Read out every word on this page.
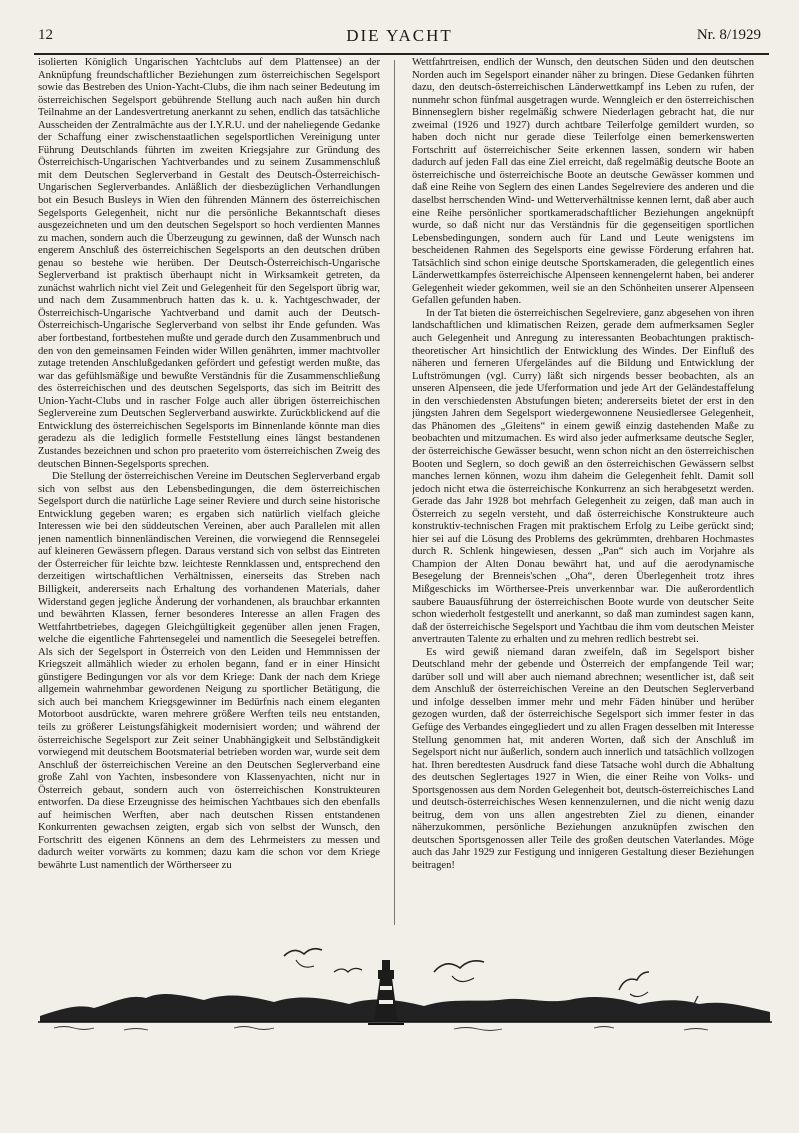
12	DIE YACHT	Nr. 8/1929

isolierten Königlich Ungarischen Yachtclubs auf dem Plattensee) an der Anknüpfung freundschaftlicher Beziehungen zum österreichischen Segelsport sowie das Bestreben des Union-Yacht-Clubs, die ihm nach seiner Bedeutung im österreichischen Segelsport gebührende Stellung auch nach außen hin durch Teilnahme an der Landesvertretung anerkannt zu sehen, endlich das tatsächliche Ausscheiden der Zentralmächte aus der I.Y.R.U. und der naheliegende Gedanke der Schaffung einer zwischenstaatlichen segelsportlichen Vereinigung unter Führung Deutschlands führten im zweiten Kriegsjahre zur Gründung des Österreichisch-Ungarischen Yachtverbandes und zu seinem Zusammenschluß mit dem Deutschen Seglerverband in Gestalt des Deutsch-Österreichisch-Ungarischen Seglerverbandes. Anläßlich der diesbezüglichen Verhandlungen bot ein Besuch Busleys in Wien den führenden Männern des österreichischen Segelsports Gelegenheit, nicht nur die persönliche Bekanntschaft dieses ausgezeichneten und um den deutschen Segelsport so hoch verdienten Mannes zu machen, sondern auch die Überzeugung zu gewinnen, daß der Wunsch nach engerem Anschluß des österreichischen Segelsports an den deutschen drüben genau so bestehe wie herüben. Der Deutsch-Österreichisch-Ungarische Seglerverband ist praktisch überhaupt nicht in Wirksamkeit getreten, da zunächst wahrlich nicht viel Zeit und Gelegenheit für den Segelsport übrig war, und nach dem Zusammenbruch hatten das k. u. k. Yachtgeschwader, der Österreichisch-Ungarische Yachtverband und damit auch der Deutsch-Österreichisch-Ungarische Seglerverband von selbst ihr Ende gefunden. Was aber fortbestand, fortbestehen mußte und gerade durch den Zusammenbruch und den von den gemeinsamen Feinden wider Willen genährten, immer machtvoller zutage tretenden Anschlußgedanken gefördert und gefestigt werden mußte, das war das gefühlsmäßige und bewußte Verständnis für die Zusammenschließung des österreichischen und des deutschen Segelsports, das sich im Beitritt des Union-Yacht-Clubs und in rascher Folge auch aller übrigen österreichischen Seglervereine zum Deutschen Seglerverband auswirkte. Zurückblickend auf die Entwicklung des österreichischen Segelsports im Binnenlande könnte man dies geradezu als die lediglich formelle Feststellung eines längst bestandenen Zustandes bezeichnen und schon pro praeterito vom österreichischen Zweig des deutschen Binnen-Segelsports sprechen.

Die Stellung der österreichischen Vereine im Deutschen Seglerverband ergab sich von selbst aus den Lebensbedingungen, die dem österreichischen Segelsport durch die natürliche Lage seiner Reviere und durch seine historische Entwicklung gegeben waren; es ergaben sich natürlich vielfach gleiche Interessen wie bei den süddeutschen Vereinen, aber auch Parallelen mit allen jenen namentlich binnenländischen Vereinen, die vorwiegend die Rennsegelei auf kleineren Gewässern pflegen. Daraus verstand sich von selbst das Eintreten der Österreicher für leichte bzw. leichteste Rennklassen und, entsprechend den derzeitigen wirtschaftlichen Verhältnissen, einerseits das Streben nach Billigkeit, andererseits nach Erhaltung des vorhandenen Materials, daher Widerstand gegen jegliche Änderung der vorhandenen, als brauchbar erkannten und bewährten Klassen, ferner besonderes Interesse an allen Fragen des Wettfahrtbetriebes, dagegen Gleichgültigkeit gegenüber allen jenen Fragen, welche die eigentliche Fahrtensegelei und namentlich die Seesegelei betreffen. Als sich der Segelsport in Österreich von den Leiden und Hemmnissen der Kriegszeit allmählich wieder zu erholen begann, fand er in einer Hinsicht günstigere Bedingungen vor als vor dem Kriege: Dank der nach dem Kriege allgemein wahrnehmbar gewordenen Neigung zu sportlicher Betätigung, die sich auch bei manchem Kriegsgewinner im Bedürfnis nach einem eleganten Motorboot ausdrückte, waren mehrere größere Werften teils neu entstanden, teils zu größerer Leistungsfähigkeit modernisiert worden; und während der österreichische Segelsport zur Zeit seiner Unabhängigkeit und Selbständigkeit vorwiegend mit deutschem Bootsmaterial betrieben worden war, wurde seit dem Anschluß der österreichischen Vereine an den Deutschen Seglerverband eine große Zahl von Yachten, insbesondere von Klassenyachten, nicht nur in Österreich gebaut, sondern auch von österreichischen Konstrukteuren entworfen. Da diese Erzeugnisse des heimischen Yachtbaues sich den ebenfalls auf heimischen Werften, aber nach deutschen Rissen entstandenen Konkurrenten gewachsen zeigten, ergab sich von selbst der Wunsch, den Fortschritt des eigenen Könnens an dem des Lehrmeisters zu messen und dadurch weiter vorwärts zu kommen; dazu kam die schon vor dem Kriege bewährte Lust namentlich der Wörtherseer zu

Wettfahrtreisen, endlich der Wunsch, den deutschen Süden und den deutschen Norden auch im Segelsport einander näher zu bringen. Diese Gedanken führten dazu, den deutsch-österreichischen Länderwettkampf ins Leben zu rufen, der nunmehr schon fünfmal ausgetragen wurde. Wenngleich er den österreichischen Binnenseglern bisher regelmäßig schwere Niederlagen gebracht hat, die nur zweimal (1926 und 1927) durch achtbare Teilerfolge gemildert wurden, so haben doch nicht nur gerade diese Teilerfolge einen bemerkenswerten Fortschritt auf österreichischer Seite erkennen lassen, sondern wir haben dadurch auf jeden Fall das eine Ziel erreicht, daß regelmäßig deutsche Boote an österreichische und österreichische Boote an deutsche Gewässer kommen und daß eine Reihe von Seglern des einen Landes Segelreviere des anderen und die daselbst herrschenden Wind- und Wetterverhältnisse kennen lernt, daß aber auch eine Reihe persönlicher sportkameradschaftlicher Beziehungen angeknüpft wurde, so daß nicht nur das Verständnis für die gegenseitigen sportlichen Lebensbedingungen, sondern auch für Land und Leute wenigstens im bescheidenen Rahmen des Segelsports eine gewisse Förderung erfahren hat. Tatsächlich sind schon einige deutsche Sportskameraden, die gelegentlich eines Länderwettkampfes österreichische Alpenseen kennengelernt haben, bei anderer Gelegenheit wieder gekommen, weil sie an den Schönheiten unserer Alpenseen Gefallen gefunden haben.

In der Tat bieten die österreichischen Segelreviere, ganz abgesehen von ihren landschaftlichen und klimatischen Reizen, gerade dem aufmerksamen Segler auch Gelegenheit und Anregung zu interessanten Beobachtungen praktisch-theoretischer Art hinsichtlich der Entwicklung des Windes. Der Einfluß des näheren und ferneren Ufergeländes auf die Bildung und Entwicklung der Luftströmungen (vgl. Curry) läßt sich nirgends besser beobachten, als an unseren Alpenseen, die jede Uferformation und jede Art der Geländestaffelung in den verschiedensten Abstufungen bieten; andererseits bietet der erst in den jüngsten Jahren dem Segelsport wiedergewonnene Neusiedlersee Gelegenheit, das Phänomen des „Gleitens“ in einem gewiß einzig dastehenden Maße zu beobachten und mitzumachen. Es wird also jeder aufmerksame deutsche Segler, der österreichische Gewässer besucht, wenn schon nicht an den österreichischen Booten und Seglern, so doch gewiß an den österreichischen Gewässern selbst manches lernen können, wozu ihm daheim die Gelegenheit fehlt. Damit soll jedoch nicht etwa die österreichische Konkurrenz an sich herabgesetzt werden. Gerade das Jahr 1928 bot mehrfach Gelegenheit zu zeigen, daß man auch in Österreich zu segeln versteht, und daß österreichische Konstrukteure auch konstruktiv-technischen Fragen mit praktischem Erfolg zu Leibe gerückt sind; hier sei auf die Lösung des Problems des gekrümmten, drehbaren Hochmastes durch R. Schlenk hingewiesen, dessen „Pan“ sich auch im Vorjahre als Champion der Alten Donau bewährt hat, und auf die aerodynamische Besegelung der Brenneis'schen „Oha“, deren Überlegenheit trotz ihres Mißgeschicks im Wörthersee-Preis unverkennbar war. Die außerordentlich saubere Bauausführung der österreichischen Boote wurde von deutscher Seite schon wiederholt festgestellt und anerkannt, so daß man zumindest sagen kann, daß der österreichische Segelsport und Yachtbau die ihm vom deutschen Meister anvertrauten Talente zu erhalten und zu mehren redlich bestrebt sei.

Es wird gewiß niemand daran zweifeln, daß im Segelsport bisher Deutschland mehr der gebende und Österreich der empfangende Teil war; darüber soll und will aber auch niemand abrechnen; wesentlicher ist, daß seit dem Anschluß der österreichischen Vereine an den Deutschen Seglerverband und infolge desselben immer mehr und mehr Fäden hinüber und herüber gezogen wurden, daß der österreichische Segelsport sich immer fester in das Gefüge des Verbandes eingegliedert und zu allen Fragen desselben mit Interesse Stellung genommen hat, mit anderen Worten, daß sich der Anschluß im Segelsport nicht nur äußerlich, sondern auch innerlich und tatsächlich vollzogen hat. Ihren beredtesten Ausdruck fand diese Tatsache wohl durch die Abhaltung des deutschen Seglertages 1927 in Wien, die einer Reihe von Volks- und Sportsgenossen aus dem Norden Gelegenheit bot, deutsch-österreichisches Land und deutsch-österreichisches Wesen kennenzulernen, und die nicht wenig dazu beitrug, dem von uns allen angestrebten Ziel zu dienen, einander näherzukommen, persönliche Beziehungen anzuknüpfen zwischen den deutschen Sportsgenossen aller Teile des großen deutschen Vaterlandes. Möge auch das Jahr 1929 zur Festigung und innigeren Gestaltung dieser Beziehungen beitragen!
